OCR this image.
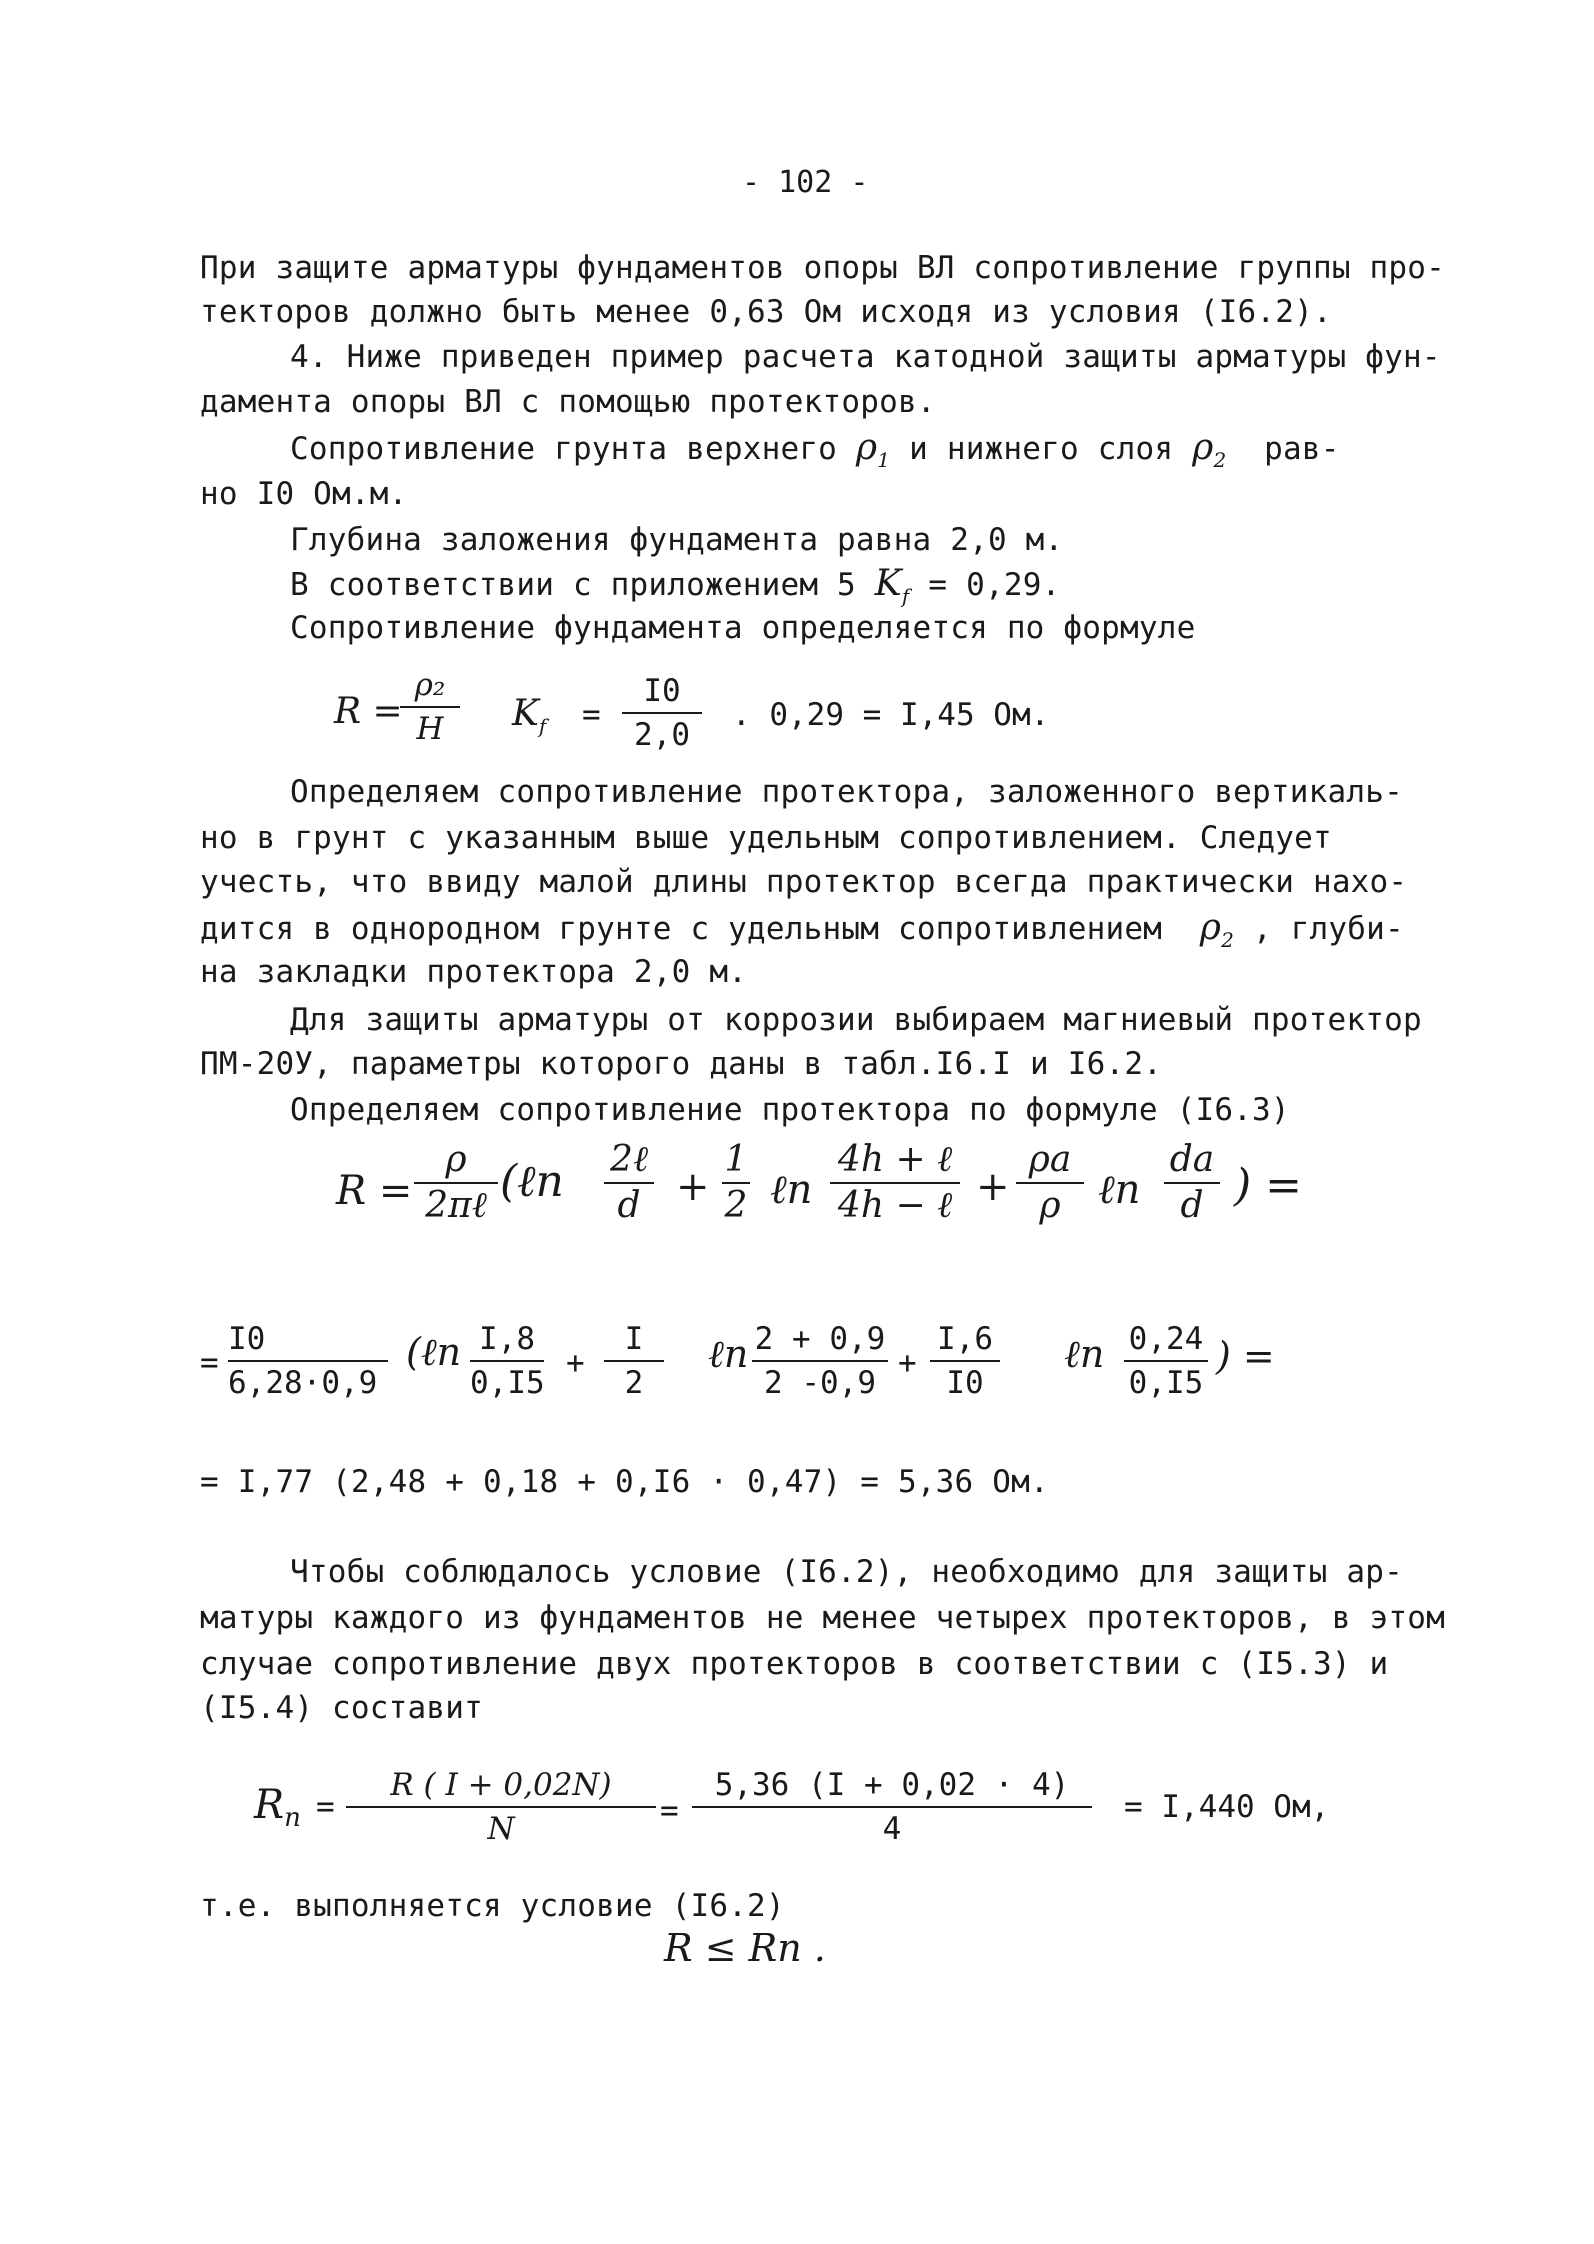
- 102 -
При защите арматуры фундаментов опоры ВЛ сопротивление группы про-
текторов должно быть менее 0,63 Ом исходя из условия (I6.2).
4. Ниже приведен пример расчета катодной защиты арматуры фун-
дамента опоры ВЛ с помощью протекторов.
Сопротивление грунта верхнего $\rho_1$ и нижнего слоя $\rho_2$ рав-
но I0 Ом.м.
Глубина заложения фундамента равна 2,0 м.
В соответствии с приложением 5 $K_f = 0,29$.
Сопротивление фундамента определяется по формуле
R =
ρ₂
H	$K_f$ =
I0
2,0
. 0,29 = I,45 Ом.
Определяем сопротивление протектора, заложенного вертикаль-
но в грунт с указанным выше удельным сопротивлением. Следует
учесть, что ввиду малой длины протектор всегда практически нахо-
дится в однородном грунте с удельным сопротивлением $\rho_2$ , глуби-
на закладки протектора 2,0 м.
Для защиты арматуры от коррозии выбираем магниевый протектор
ПМ-20У, параметры которого даны в табл.I6.I и I6.2.
Определяем сопротивление протектора по формуле (I6.3)
R =
ρ
2πℓ (ℓn 2ℓ
d +
1
2 ℓn
4h + ℓ
4h − ℓ +
ρa
ρ ℓn
da
d ) =
=
I0
6,28·0,9
(ℓn I,8
0,I5
+
I
2
ℓn 2 + 0,9
2 -0,9
+
I,6
I0
ℓn 0,24
0,I5
) =
= I,77 (2,48 + 0,18 + 0,I6 · 0,47) = 5,36 Ом.
Чтобы соблюдалось условие (I6.2), необходимо для защиты ар-
матуры каждого из фундаментов не менее четырех протекторов, в этом
случае сопротивление двух протекторов в соответствии с (I5.3) и
(I5.4) составит
$R_n$ =
R ( I + 0,02N)
N	=
5,36 (I + 0,02 · 4)
4
= I,440 Ом,
т.е. выполняется условие (I6.2)
R ≤ Rn .
